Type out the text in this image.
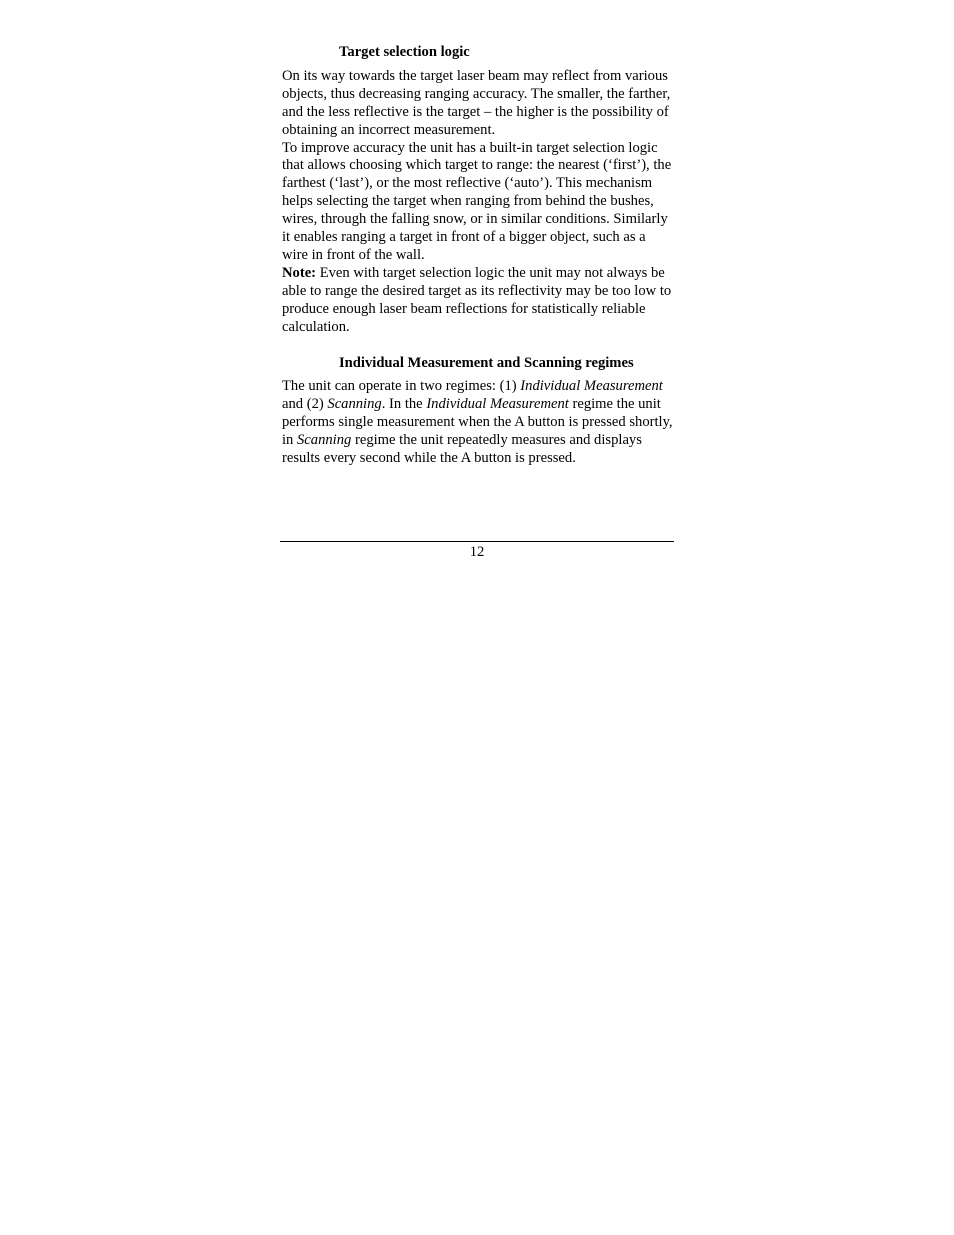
Target selection logic

On its way towards the target laser beam may reflect from various objects, thus decreasing ranging accuracy. The smaller, the farther, and the less reflective is the target – the higher is the possibility of obtaining an incorrect measurement.

To improve accuracy the unit has a built-in target selection logic that allows choosing which target to range: the nearest (‘first’), the farthest (‘last’), or the most reflective (‘auto’). This mechanism helps selecting the target when ranging from behind the bushes, wires, through the falling snow, or in similar conditions. Similarly it enables ranging a target in front of a bigger object, such as a wire in front of the wall.

Note: Even with target selection logic the unit may not always be able to range the desired target as its reflectivity may be too low to produce enough laser beam reflections for statistically reliable calculation.

Individual Measurement and Scanning regimes

The unit can operate in two regimes: (1) Individual Measurement and (2) Scanning. In the Individual Measurement regime the unit performs single measurement when the A button is pressed shortly, in Scanning regime the unit repeatedly measures and displays results every second while the A button is pressed.

12
